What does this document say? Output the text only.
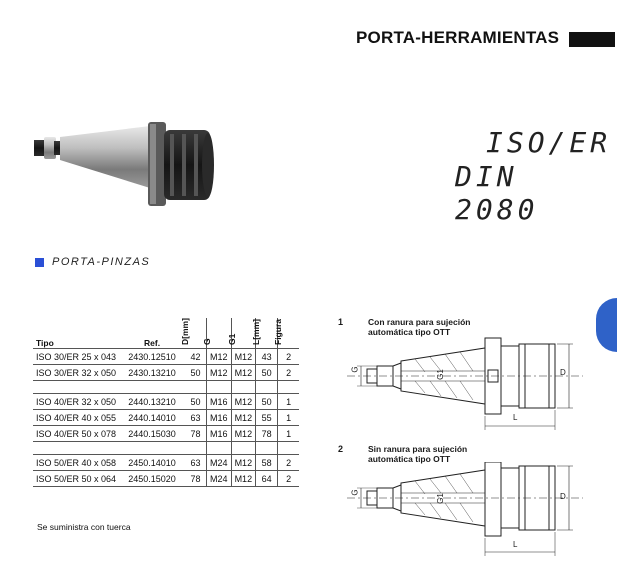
PORTA-HERRAMIENTAS
ISO/ER
DIN 2080
PORTA-PINZAS
Tipo	Ref.	D[mm]	G	G1	L[mm]	Figura

ISO 30/ER 25 x 043	2430.12510	42	M12	M12	43	2
ISO 30/ER 32 x 050	2430.13210	50	M12	M12	50	2

ISO 40/ER 32 x 050	2440.13210	50	M16	M12	50	1
ISO 40/ER 40 x 055	2440.14010	63	M16	M12	55	1
ISO 40/ER 50 x 078	2440.15030	78	M16	M12	78	1

ISO 50/ER 40 x 058	2450.14010	63	M24	M12	58	2
ISO 50/ER 50 x 064	2450.15020	78	M24	M12	64	2
Se suministra con tuerca
1	Con ranura para sujeción
automática tipo OTT
G	G1	D
L
2	Sin ranura para sujeción
automática tipo OTT
G
G1	D
L
